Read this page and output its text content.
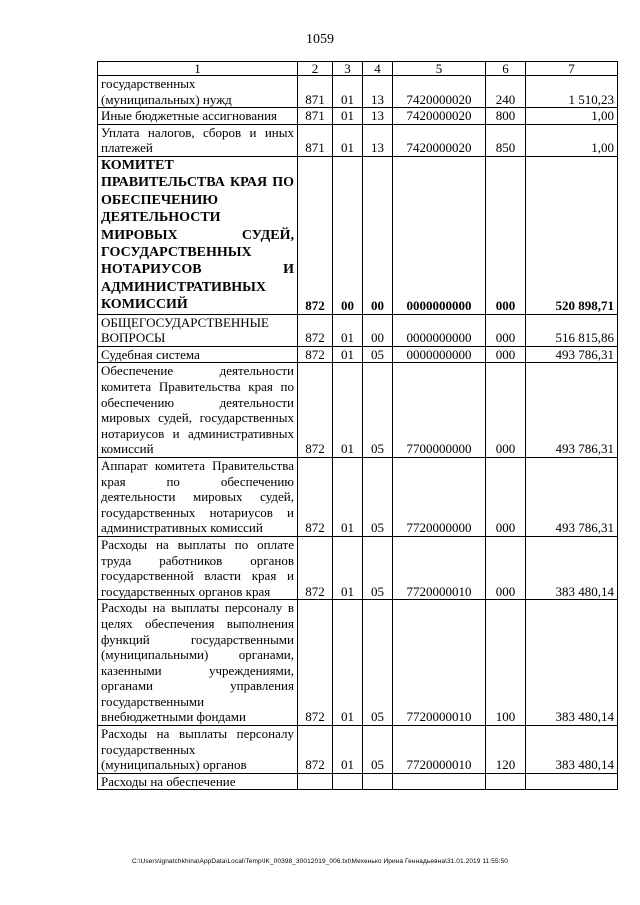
1059
1	2	3	4	5	6	7
государственных (муниципальных) нужд	871	01	13	7420000020	240	1 510,23
Иные бюджетные ассигнования	871	01	13	7420000020	800	1,00
Уплата налогов, сборов и иных платежей	871	01	13	7420000020	850	1,00
КОМИТЕТ ПРАВИТЕЛЬСТВА КРАЯ ПО ОБЕСПЕЧЕНИЮ ДЕЯТЕЛЬНОСТИ МИРОВЫХ СУДЕЙ, ГОСУДАРСТВЕННЫХ НОТАРИУСОВ И АДМИНИСТРАТИВНЫХ КОМИССИЙ	872	00	00	0000000000	000	520 898,71
ОБЩЕГОСУДАРСТВЕННЫЕ ВОПРОСЫ	872	01	00	0000000000	000	516 815,86
Судебная система	872	01	05	0000000000	000	493 786,31
Обеспечение деятельности комитета Правительства края по обеспечению деятельности мировых судей, государственных нотариусов и административных комиссий	872	01	05	7700000000	000	493 786,31
Аппарат комитета Правительства края по обеспечению деятельности мировых судей, государственных нотариусов и административных комиссий	872	01	05	7720000000	000	493 786,31
Расходы на выплаты по оплате труда работников органов государственной власти края и государственных органов края	872	01	05	7720000010	000	383 480,14
Расходы на выплаты персоналу в целях обеспечения выполнения функций государственными (муниципальными) органами, казенными учреждениями, органами управления государственными внебюджетными фондами	872	01	05	7720000010	100	383 480,14
Расходы на выплаты персоналу государственных (муниципальных) органов	872	01	05	7720000010	120	383 480,14
Расходы на обеспечение						
C:\Users\ignatchkhina\AppData\Local\Temp\IK_00398_30012019_006.txt\Мехенько Ирина Геннадьевна\31.01.2019 11:55:50
